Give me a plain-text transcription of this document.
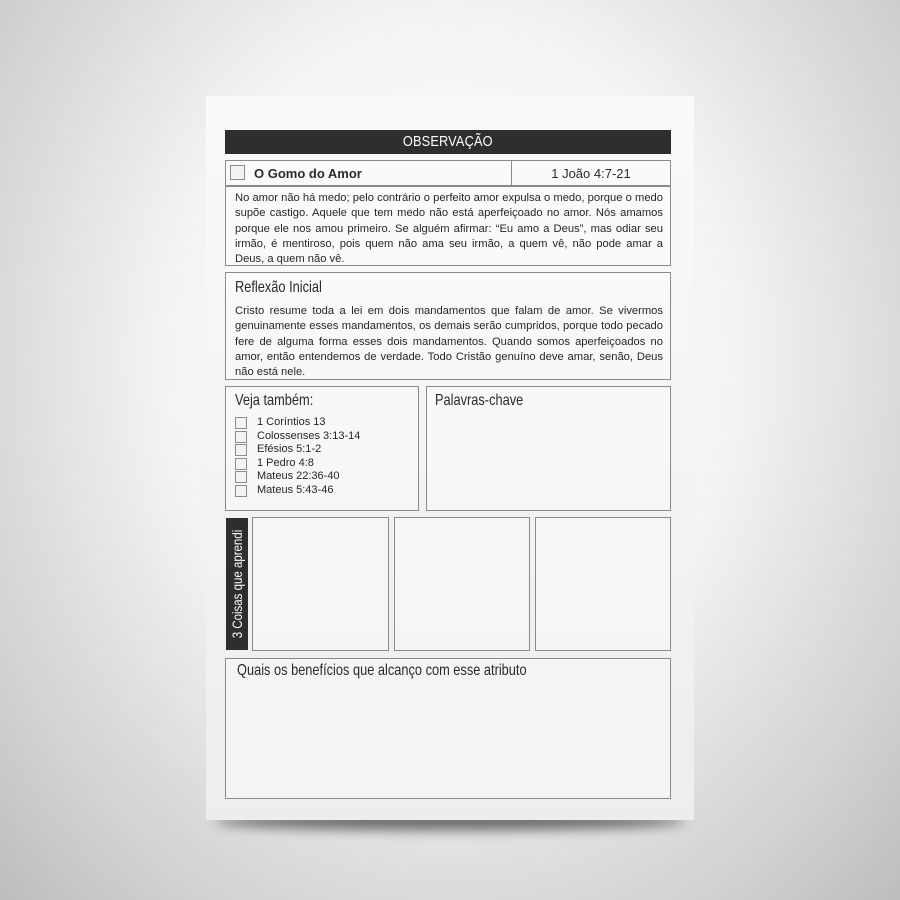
OBSERVAÇÃO
O Gomo do Amor	1 João 4:7-21
No amor não há medo; pelo contrário o perfeito amor expulsa o medo, porque o medo supõe castigo. Aquele que tem medo não está aperfeiçoado no amor. Nós amamos porque ele nos amou primeiro. Se alguém afirmar: “Eu amo a Deus”, mas odiar seu irmão, é mentiroso, pois quem não ama seu irmão, a quem vê, não pode amar a Deus, a quem não vê.
Reflexão Inicial
Cristo resume toda a lei em dois mandamentos que falam de amor. Se vivermos genuinamente esses mandamentos, os demais serão cumpridos, porque todo pecado fere de alguma forma esses dois mandamentos. Quando somos aperfeiçoados no amor, então entendemos de verdade. Todo Cristão genuíno deve amar, senão, Deus não está nele.
Veja também:
1 Coríntios 13
Colossenses 3:13-14
Efésios 5:1-2
1 Pedro 4:8
Mateus 22:36-40
Mateus 5:43-46
Palavras-chave
3 Coisas que aprendi
Quais os benefícios que alcanço com esse atributo
